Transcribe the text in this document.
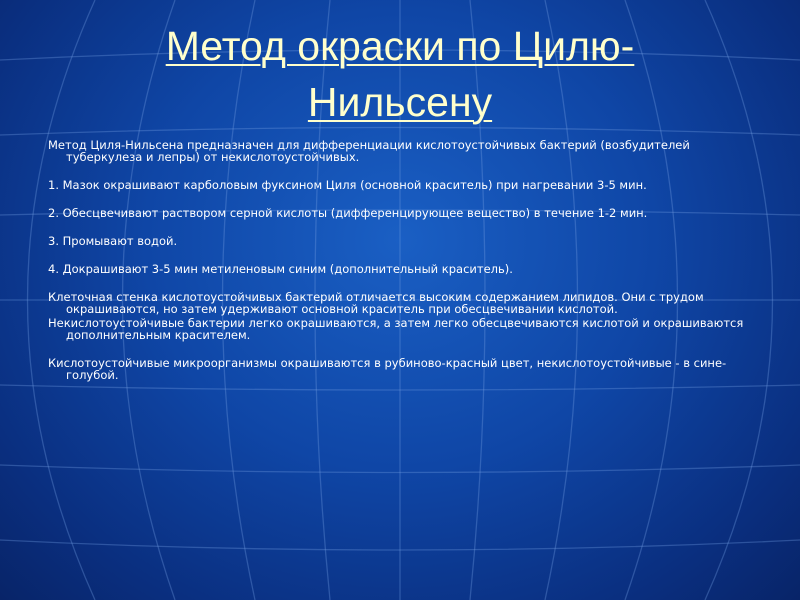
Метод окраски по Цилю-
Нильсену

Метод Циля-Нильсена предназначен для дифференциации кислотоустойчивых бактерий (возбудителей туберкулеза и лепры) от некислотоустойчивых.

1. Мазок окрашивают карболовым фуксином Циля (основной краситель) при нагревании 3-5 мин.

2. Обесцвечивают раствором серной кислоты (дифференцирующее вещество) в течение 1-2 мин.

3. Промывают водой.

4. Докрашивают 3-5 мин метиленовым синим (дополнительный краситель).

Клеточная стенка кислотоустойчивых бактерий отличается высоким содержанием липидов. Они с трудом окрашиваются, но затем удерживают основной краситель при обесцвечивании кислотой.

Некислотоустойчивые бактерии легко окрашиваются, а затем легко обесцвечиваются кислотой и окрашиваются дополнительным красителем.

Кислотоустойчивые микроорганизмы окрашиваются в рубиново-красный цвет, некислотоустойчивые - в сине-голубой.
